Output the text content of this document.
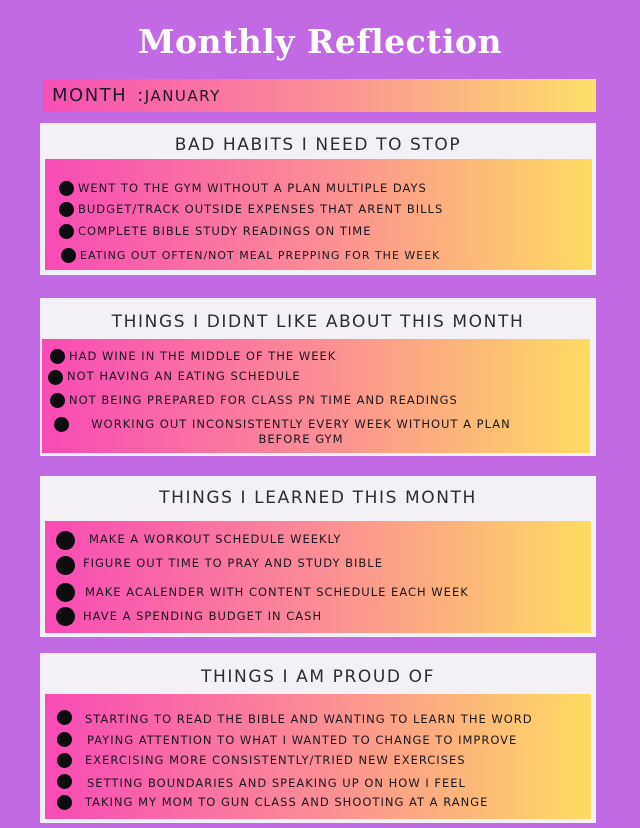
Monthly Reflection
MONTH : JANUARY
BAD HABITS I NEED TO STOP
WENT TO THE GYM WITHOUT A PLAN MULTIPLE DAYS
BUDGET/TRACK OUTSIDE EXPENSES THAT ARENT BILLS
COMPLETE BIBLE STUDY READINGS ON TIME
EATING OUT OFTEN/NOT MEAL PREPPING FOR THE WEEK
THINGS I DIDNT LIKE ABOUT THIS MONTH
HAD WINE IN THE MIDDLE OF THE WEEK
NOT HAVING AN EATING SCHEDULE
NOT BEING PREPARED FOR CLASS PN TIME AND READINGS
WORKING OUT INCONSISTENTLY EVERY WEEK WITHOUT A PLAN BEFORE GYM
THINGS I LEARNED THIS MONTH
MAKE A WORKOUT SCHEDULE WEEKLY
FIGURE OUT TIME TO PRAY AND STUDY BIBLE
MAKE ACALENDER WITH CONTENT SCHEDULE EACH WEEK
HAVE A SPENDING BUDGET IN CASH
THINGS I AM PROUD OF
STARTING TO READ THE BIBLE AND WANTING TO LEARN THE WORD
PAYING ATTENTION TO WHAT I WANTED TO CHANGE TO IMPROVE
EXERCISING MORE CONSISTENTLY/TRIED NEW EXERCISES
SETTING BOUNDARIES AND SPEAKING UP ON HOW I FEEL
TAKING MY MOM TO GUN CLASS AND SHOOTING AT A RANGE
